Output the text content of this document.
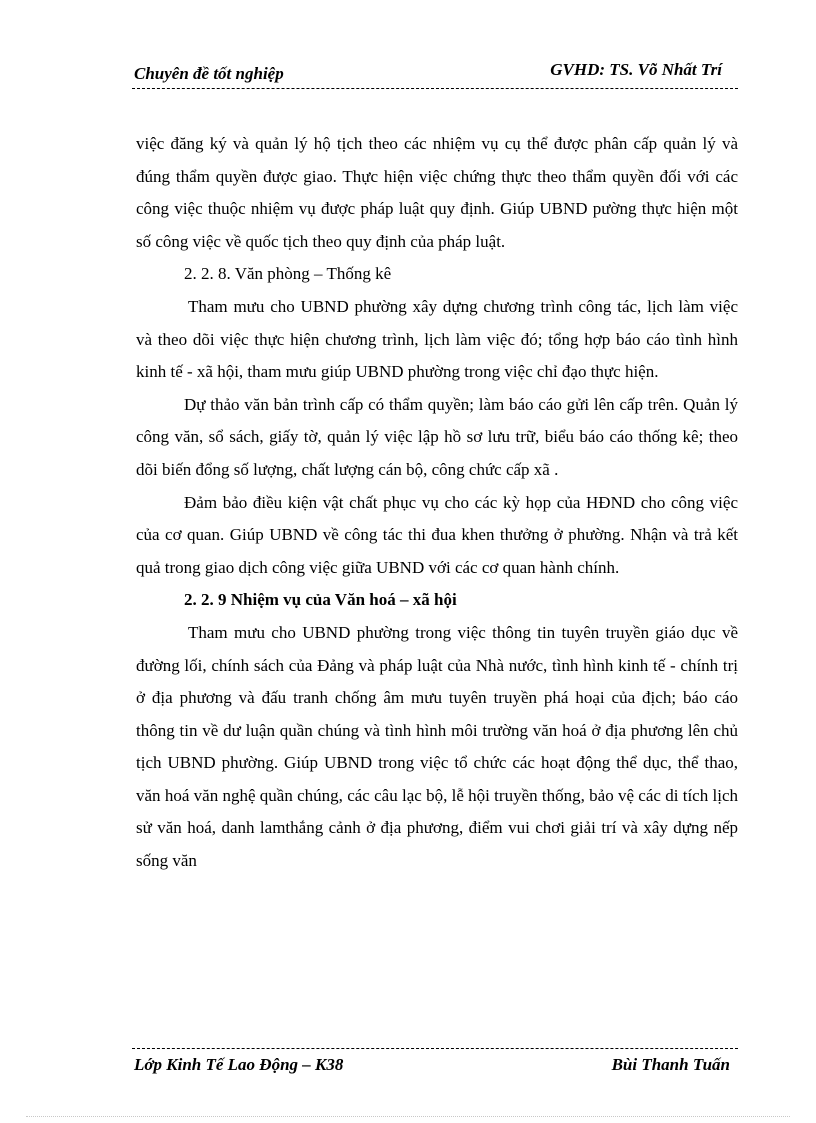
Chuyên đề tốt nghiệp	GVHD: TS. Võ Nhất Trí

việc đăng ký và quản lý hộ tịch theo các nhiệm vụ cụ thể được phân cấp quản lý và đúng thẩm quyền được giao. Thực hiện việc chứng thực theo thẩm quyền đối với các công việc thuộc nhiệm vụ được pháp luật quy định. Giúp UBND pường thực hiện một số công việc về quốc tịch theo quy định của pháp luật.

2. 2. 8. Văn phòng – Thống kê

Tham mưu cho UBND phường xây dựng chương trình công tác, lịch làm việc và theo dõi việc thực hiện chương trình, lịch làm việc đó; tổng hợp báo cáo tình hình kinh tế - xã hội, tham mưu giúp UBND phường trong việc chỉ đạo thực hiện.

Dự thảo văn bản trình cấp có thẩm quyền; làm báo cáo gửi lên cấp trên. Quản lý công văn, sổ sách, giấy tờ, quản lý việc lập hồ sơ lưu trữ, biểu báo cáo thống kê; theo dõi biến đổng số lượng, chất lượng cán bộ, công chức cấp xã .

Đảm bảo điều kiện vật chất phục vụ cho các kỳ họp của HĐND cho công việc của cơ quan. Giúp UBND về công tác thi đua khen thưởng ở phường. Nhận và trả kết quả trong giao dịch công việc giữa UBND với các cơ quan hành chính.

2. 2. 9 Nhiệm vụ của Văn hoá – xã hội

Tham mưu cho UBND phường trong việc thông tin tuyên truyền giáo dục về đường lối, chính sách của Đảng và pháp luật của Nhà nước, tình hình kinh tế - chính trị ở địa phương và đấu tranh chống âm mưu tuyên truyền phá hoại của địch; báo cáo thông tin về dư luận quần chúng và tình hình môi trường văn hoá ở địa phương lên chủ tịch UBND phường. Giúp UBND trong việc tổ chức các hoạt động thể dục, thể thao, văn hoá văn nghệ quần chúng, các câu lạc bộ, lễ hội truyền thống, bảo vệ các di tích lịch sử văn hoá, danh lamthắng cảnh ở địa phương, điểm vui chơi giải trí và xây dựng nếp sống văn

Lớp Kinh Tế Lao Động – K38	Bùi Thanh Tuấn
